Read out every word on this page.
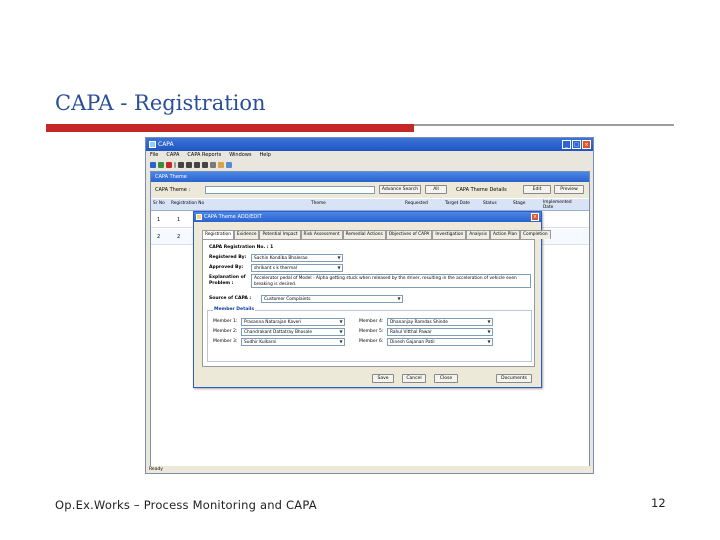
CAPA - Registration
CAPA	_	□	×
File CAPA CAPA Reports Windows Help
CAPA Theme
CAPA Theme :	Advance Search	All	CAPA Theme Details	Edit	Preview
Sr No	Registration No	Theme	Requested	Target Date	Status	Stage	Implemented Date
1	1
2	2
Ready
CAPA Theme ADD/EDIT	×
Registration	Evidence	Potential Impact	Risk Assessment	Remedial Actions	Objectives of CAPA	Investigation	Analysis	Action Plan	Completion
CAPA Registration No. : 1
Registered By:	Sachin Kondiba Bhalerao	▼
Approved By:	shrikant s k thermal	▼
Explanation of Problem :
Accelerator pedal of Model - Alpha getting stuck when released by the driver, resulting in the acceleration of vehicle even breaking is desired.
Source of CAPA :	Customer Complaints	▼
Member Details
Member 1:	Prasanna Natarajan Kaveri	▼
Member 2:	Chandrakant Dattatray Bhosale	▼
Member 3:	Sudhir Kulkarni	▼
Member 4:	Dhananjay Ramdas Shinde	▼
Member 5:	Rahul Vitthal Pawar	▼
Member 6:	Dinesh Gajanan Patil	▼
Save	Cancel	Close	Documents
Op.Ex.Works – Process Monitoring and CAPA	12
